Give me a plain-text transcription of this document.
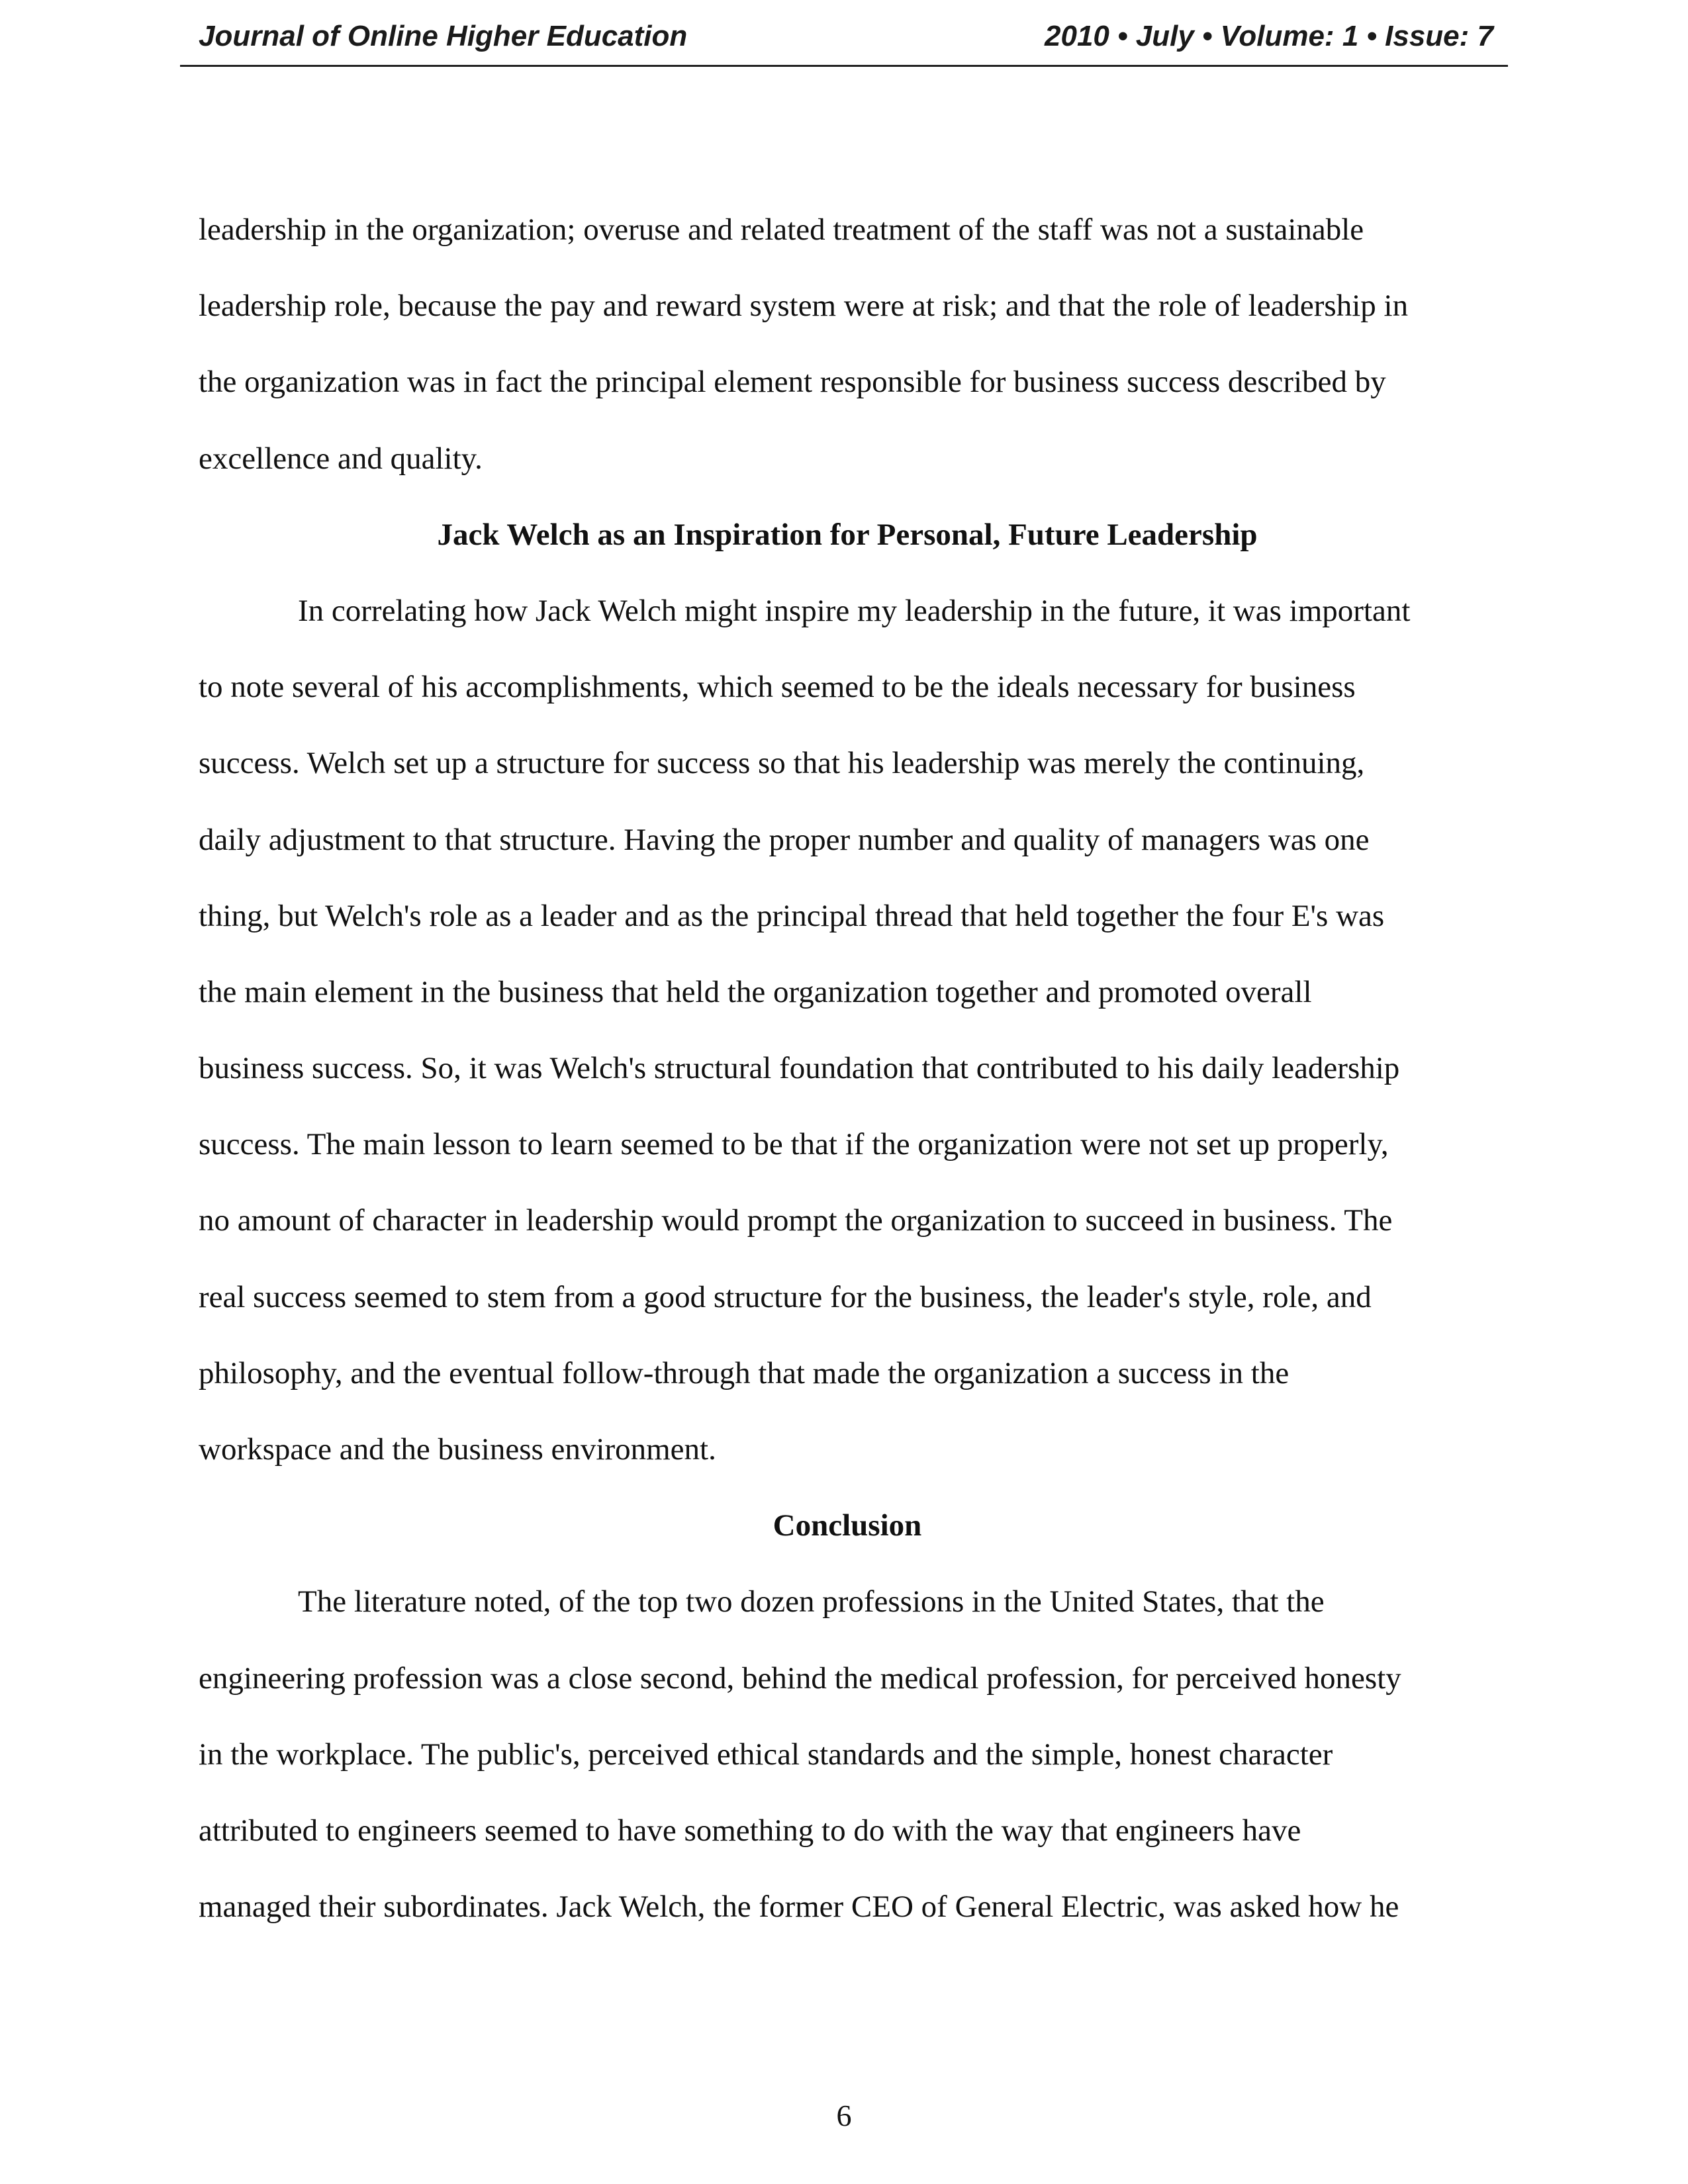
Journal of Online Higher Education	2010 • July • Volume: 1 • Issue: 7
leadership in the organization; overuse and related treatment of the staff was not a sustainable
leadership role, because the pay and reward system were at risk; and that the role of leadership in
the organization was in fact the principal element responsible for business success described by
excellence and quality.
Jack Welch as an Inspiration for Personal, Future Leadership
In correlating how Jack Welch might inspire my leadership in the future, it was important
to note several of his accomplishments, which seemed to be the ideals necessary for business
success. Welch set up a structure for success so that his leadership was merely the continuing,
daily adjustment to that structure. Having the proper number and quality of managers was one
thing, but Welch's role as a leader and as the principal thread that held together the four E's was
the main element in the business that held the organization together and promoted overall
business success. So, it was Welch's structural foundation that contributed to his daily leadership
success. The main lesson to learn seemed to be that if the organization were not set up properly,
no amount of character in leadership would prompt the organization to succeed in business. The
real success seemed to stem from a good structure for the business, the leader's style, role, and
philosophy, and the eventual follow-through that made the organization a success in the
workspace and the business environment.
Conclusion
The literature noted, of the top two dozen professions in the United States, that the
engineering profession was a close second, behind the medical profession, for perceived honesty
in the workplace. The public's, perceived ethical standards and the simple, honest character
attributed to engineers seemed to have something to do with the way that engineers have
managed their subordinates. Jack Welch, the former CEO of General Electric, was asked how he
6
